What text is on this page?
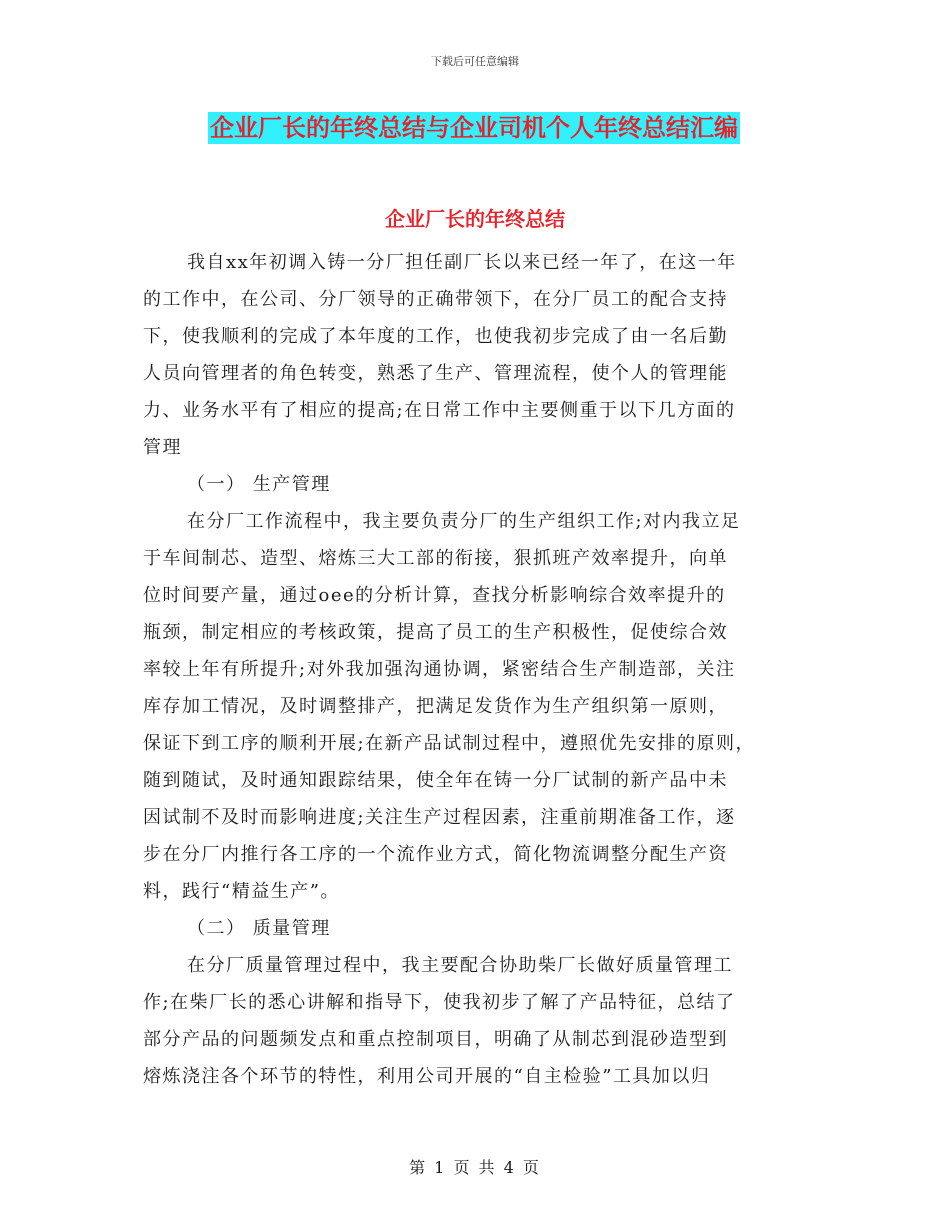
下载后可任意编辑
企业厂长的年终总结与企业司机个人年终总结汇编
企业厂长的年终总结
我自xx年初调入铸一分厂担任副厂长以来已经一年了，在这一年
的工作中，在公司、分厂领导的正确带领下，在分厂员工的配合支持
下，使我顺利的完成了本年度的工作，也使我初步完成了由一名后勤
人员向管理者的角色转变，熟悉了生产、管理流程，使个人的管理能
力、业务水平有了相应的提高;在日常工作中主要侧重于以下几方面的
管理
（一） 生产管理
在分厂工作流程中，我主要负责分厂的生产组织工作;对内我立足
于车间制芯、造型、熔炼三大工部的衔接，狠抓班产效率提升，向单
位时间要产量，通过oee的分析计算，查找分析影响综合效率提升的
瓶颈，制定相应的考核政策，提高了员工的生产积极性，促使综合效
率较上年有所提升;对外我加强沟通协调，紧密结合生产制造部，关注
库存加工情况，及时调整排产，把满足发货作为生产组织第一原则，
保证下到工序的顺利开展;在新产品试制过程中，遵照优先安排的原则，
随到随试，及时通知跟踪结果，使全年在铸一分厂试制的新产品中未
因试制不及时而影响进度;关注生产过程因素，注重前期准备工作，逐
步在分厂内推行各工序的一个流作业方式，简化物流调整分配生产资
料，践行“精益生产”。
（二） 质量管理
在分厂质量管理过程中，我主要配合协助柴厂长做好质量管理工
作;在柴厂长的悉心讲解和指导下，使我初步了解了产品特征，总结了
部分产品的问题频发点和重点控制项目，明确了从制芯到混砂造型到
熔炼浇注各个环节的特性，利用公司开展的“自主检验”工具加以归
第 1 页 共 4 页
